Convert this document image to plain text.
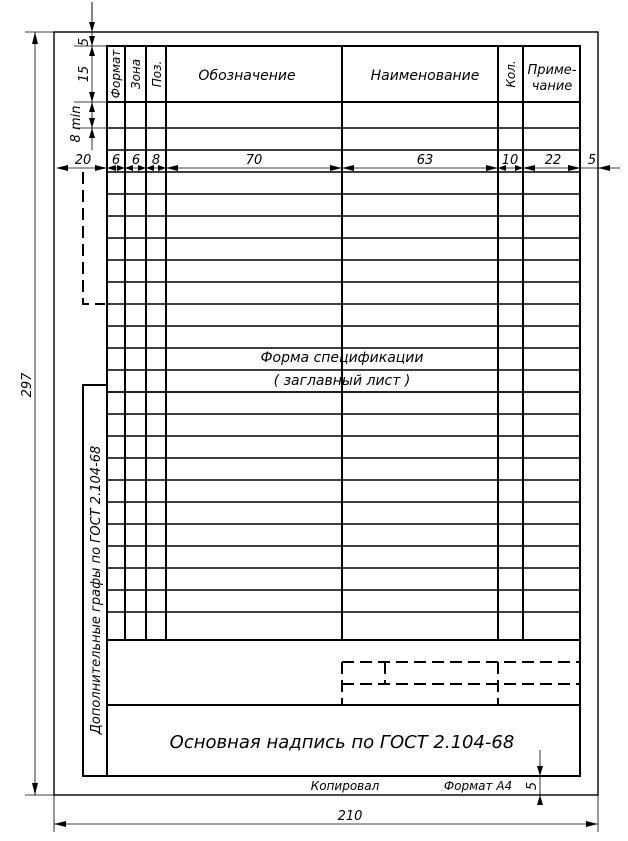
Формат Зона Поз. Обозначение	Наименование Кол. Приме-
чание
20 6 6 8	70	63	10 22 5
5
15
8 min
297
210
5
Форма спецификации
( заглавный лист )
Дополнительные графы по ГОСТ 2.104-68
Основная надпись по ГОСТ 2.104-68
Копировал	Формат А4
